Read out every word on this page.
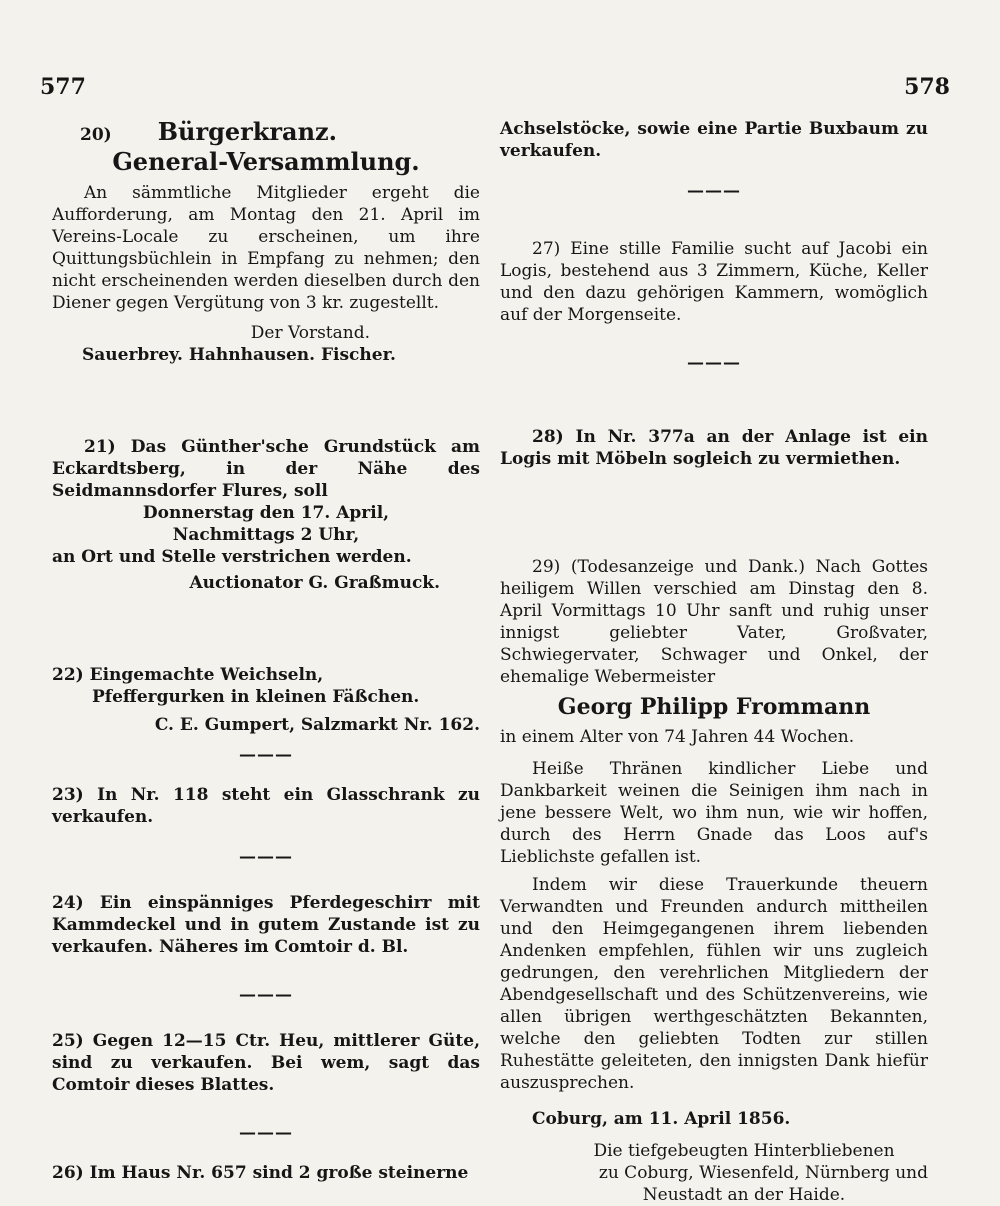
577	578
20) Bürgerkranz.
General-Versammlung.

An sämmtliche Mitglieder ergeht die Aufforderung, am Montag den 21. April im Vereins-Locale zu erscheinen, um ihre Quittungsbüchlein in Empfang zu nehmen; den nicht erscheinenden werden dieselben durch den Diener gegen Vergütung von 3 kr. zugestellt.

Der Vorstand.
Sauerbrey. Hahnhausen. Fischer.

21) Das Günther'sche Grundstück am Eckardtsberg, in der Nähe des Seidmannsdorfer Flures, soll

Donnerstag den 17. April,
Nachmittags 2 Uhr,
an Ort und Stelle verstrichen werden.
Auctionator G. Graßmuck.
22) Eingemachte Weichseln,
Pfeffergurken in kleinen Fäßchen.
C. E. Gumpert, Salzmarkt Nr. 162.
———

23) In Nr. 118 steht ein Glasschrank zu verkaufen.

———

24) Ein einspänniges Pferdegeschirr mit Kammdeckel und in gutem Zustande ist zu verkaufen. Näheres im Comtoir d. Bl.

———

25) Gegen 12—15 Ctr. Heu, mittlerer Güte, sind zu verkaufen. Bei wem, sagt das Comtoir dieses Blattes.

———

26) Im Haus Nr. 657 sind 2 große steinerne

Achselstöcke, sowie eine Partie Buxbaum zu verkaufen.

———

27) Eine stille Familie sucht auf Jacobi ein Logis, bestehend aus 3 Zimmern, Küche, Keller und den dazu gehörigen Kammern, womöglich auf der Morgenseite.

———

28) In Nr. 377a an der Anlage ist ein Logis mit Möbeln sogleich zu vermiethen.

29) (Todesanzeige und Dank.) Nach Gottes heiligem Willen verschied am Dinstag den 8. April Vormittags 10 Uhr sanft und ruhig unser innigst geliebter Vater, Großvater, Schwiegervater, Schwager und Onkel, der ehemalige Webermeister

Georg Philipp Frommann
in einem Alter von 74 Jahren 44 Wochen.

Heiße Thränen kindlicher Liebe und Dankbarkeit weinen die Seinigen ihm nach in jene bessere Welt, wo ihm nun, wie wir hoffen, durch des Herrn Gnade das Loos auf's Lieblichste gefallen ist.

Indem wir diese Trauerkunde theuern Verwandten und Freunden andurch mittheilen und den Heimgegangenen ihrem liebenden Andenken empfehlen, fühlen wir uns zugleich gedrungen, den verehrlichen Mitgliedern der Abendgesellschaft und des Schützenvereins, wie allen übrigen werthgeschätzten Bekannten, welche den geliebten Todten zur stillen Ruhestätte geleiteten, den innigsten Dank hiefür auszusprechen.

Coburg, am 11. April 1856.
Die tiefgebeugten Hinterbliebenen
zu Coburg, Wiesenfeld, Nürnberg und
Neustadt an der Haide.
